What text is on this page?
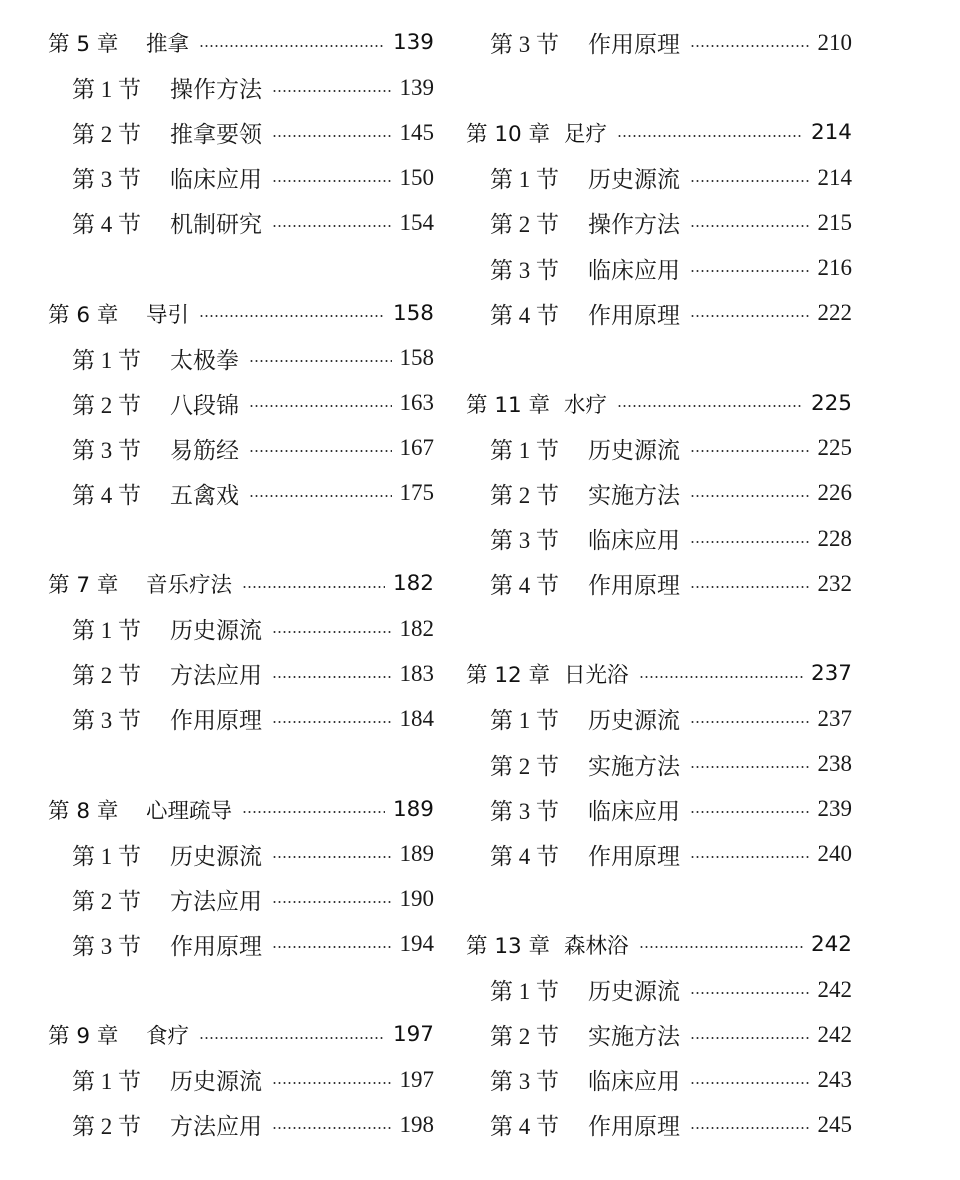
第 5 章	推拿	139
第 1 节	操作方法	139
第 2 节	推拿要领	145
第 3 节	临床应用	150
第 4 节	机制研究	154
第 6 章	导引	158
第 1 节	太极拳	158
第 2 节	八段锦	163
第 3 节	易筋经	167
第 4 节	五禽戏	175
第 7 章	音乐疗法	182
第 1 节	历史源流	182
第 2 节	方法应用	183
第 3 节	作用原理	184
第 8 章	心理疏导	189
第 1 节	历史源流	189
第 2 节	方法应用	190
第 3 节	作用原理	194
第 9 章	食疗	197
第 1 节	历史源流	197
第 2 节	方法应用	198
第 3 节	作用原理	210
第 10 章 足疗	214
第 1 节	历史源流	214
第 2 节	操作方法	215
第 3 节	临床应用	216
第 4 节	作用原理	222
第 11 章 水疗	225
第 1 节	历史源流	225
第 2 节	实施方法	226
第 3 节	临床应用	228
第 4 节	作用原理	232
第 12 章 日光浴	237
第 1 节	历史源流	237
第 2 节	实施方法	238
第 3 节	临床应用	239
第 4 节	作用原理	240
第 13 章 森林浴	242
第 1 节	历史源流	242
第 2 节	实施方法	242
第 3 节	临床应用	243
第 4 节	作用原理	245
